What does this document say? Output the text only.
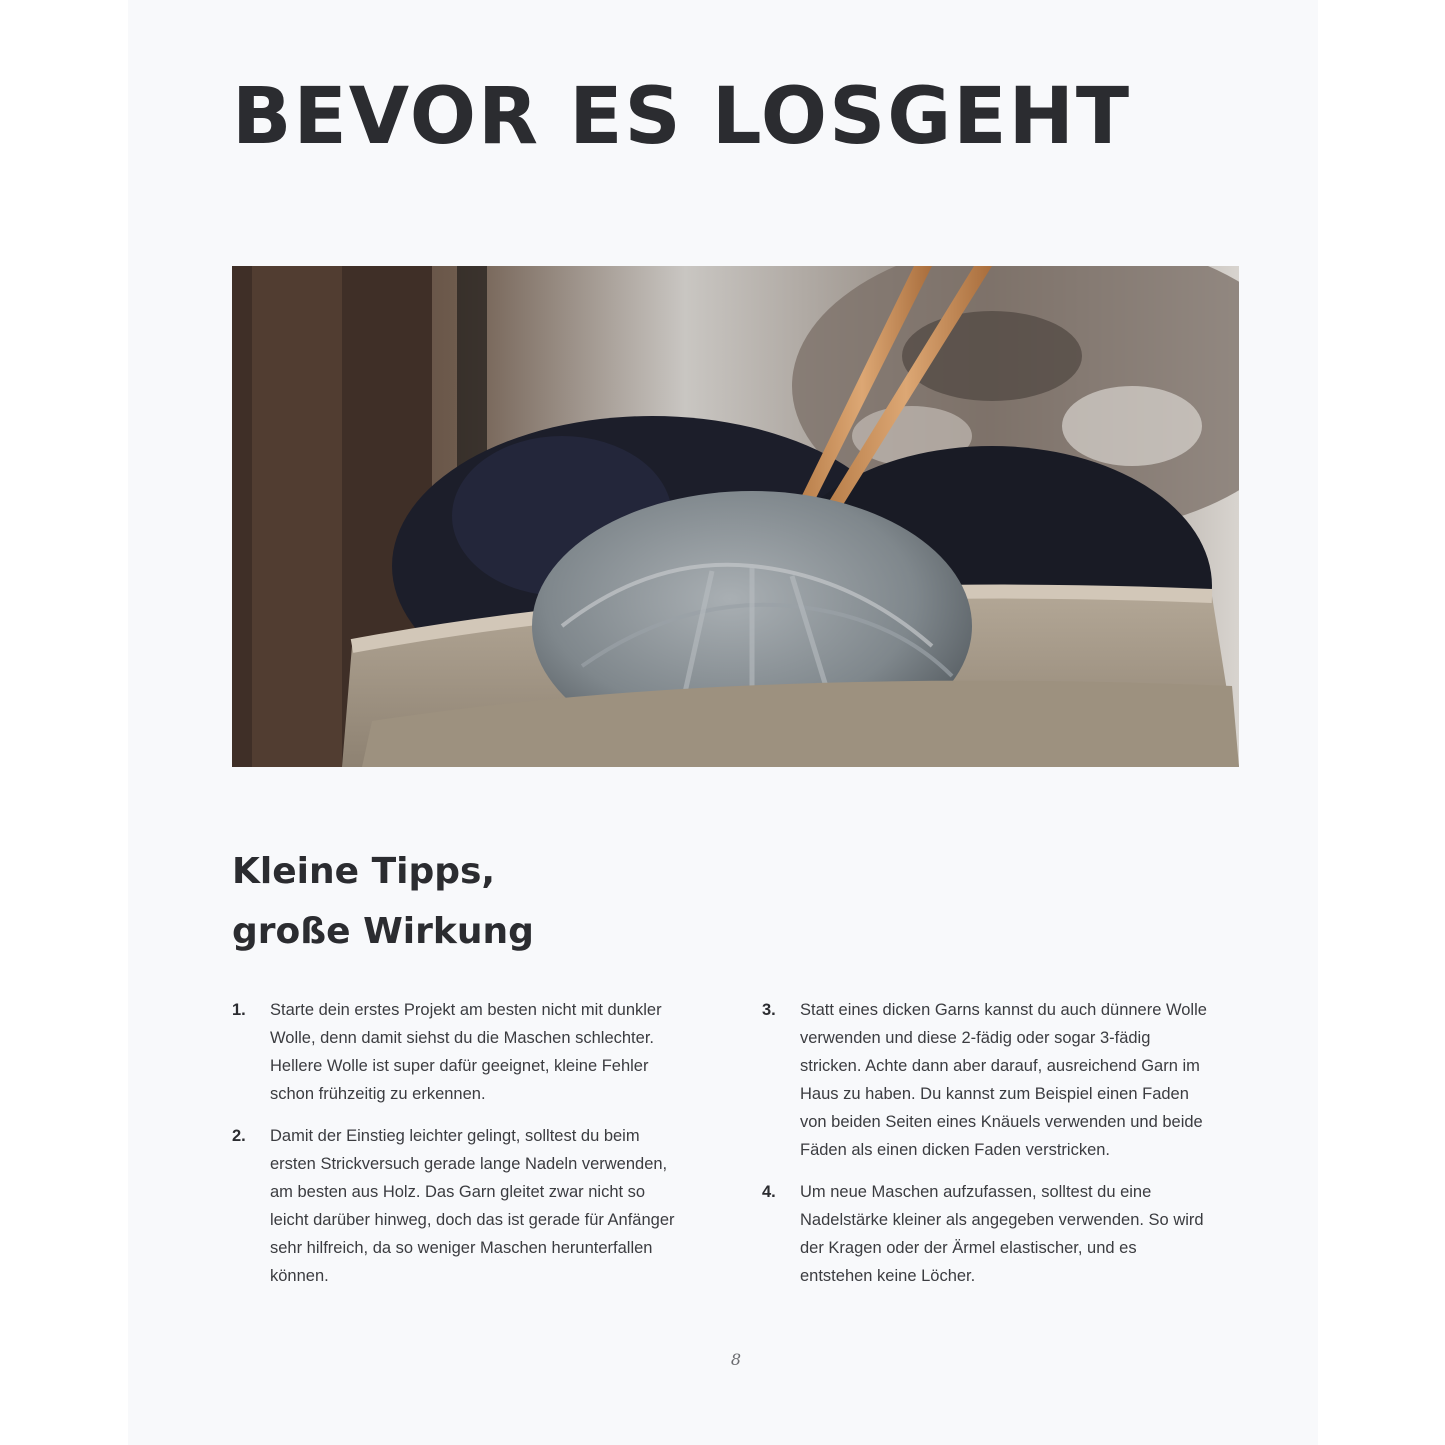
BEVOR ES LOSGEHT
Kleine Tipps,
große Wirkung
1. Starte dein erstes Projekt am besten nicht mit dunkler Wolle, denn damit siehst du die Maschen schlechter. Hellere Wolle ist super dafür geeignet, kleine Fehler schon frühzeitig zu erkennen.
2. Damit der Einstieg leichter gelingt, solltest du beim ersten Strickversuch gerade lange Nadeln verwenden, am besten aus Holz. Das Garn gleitet zwar nicht so leicht darüber hinweg, doch das ist gerade für Anfänger sehr hilfreich, da so weniger Maschen herunterfallen können.
3. Statt eines dicken Garns kannst du auch dünnere Wolle verwenden und diese 2-fädig oder sogar 3-fädig stricken. Achte dann aber darauf, ausreichend Garn im Haus zu haben. Du kannst zum Beispiel einen Faden von beiden Seiten eines Knäuels verwenden und beide Fäden als einen dicken Faden verstricken.
4. Um neue Maschen aufzufassen, solltest du eine Nadelstärke kleiner als angegeben verwenden. So wird der Kragen oder der Ärmel elastischer, und es entstehen keine Löcher.
8
